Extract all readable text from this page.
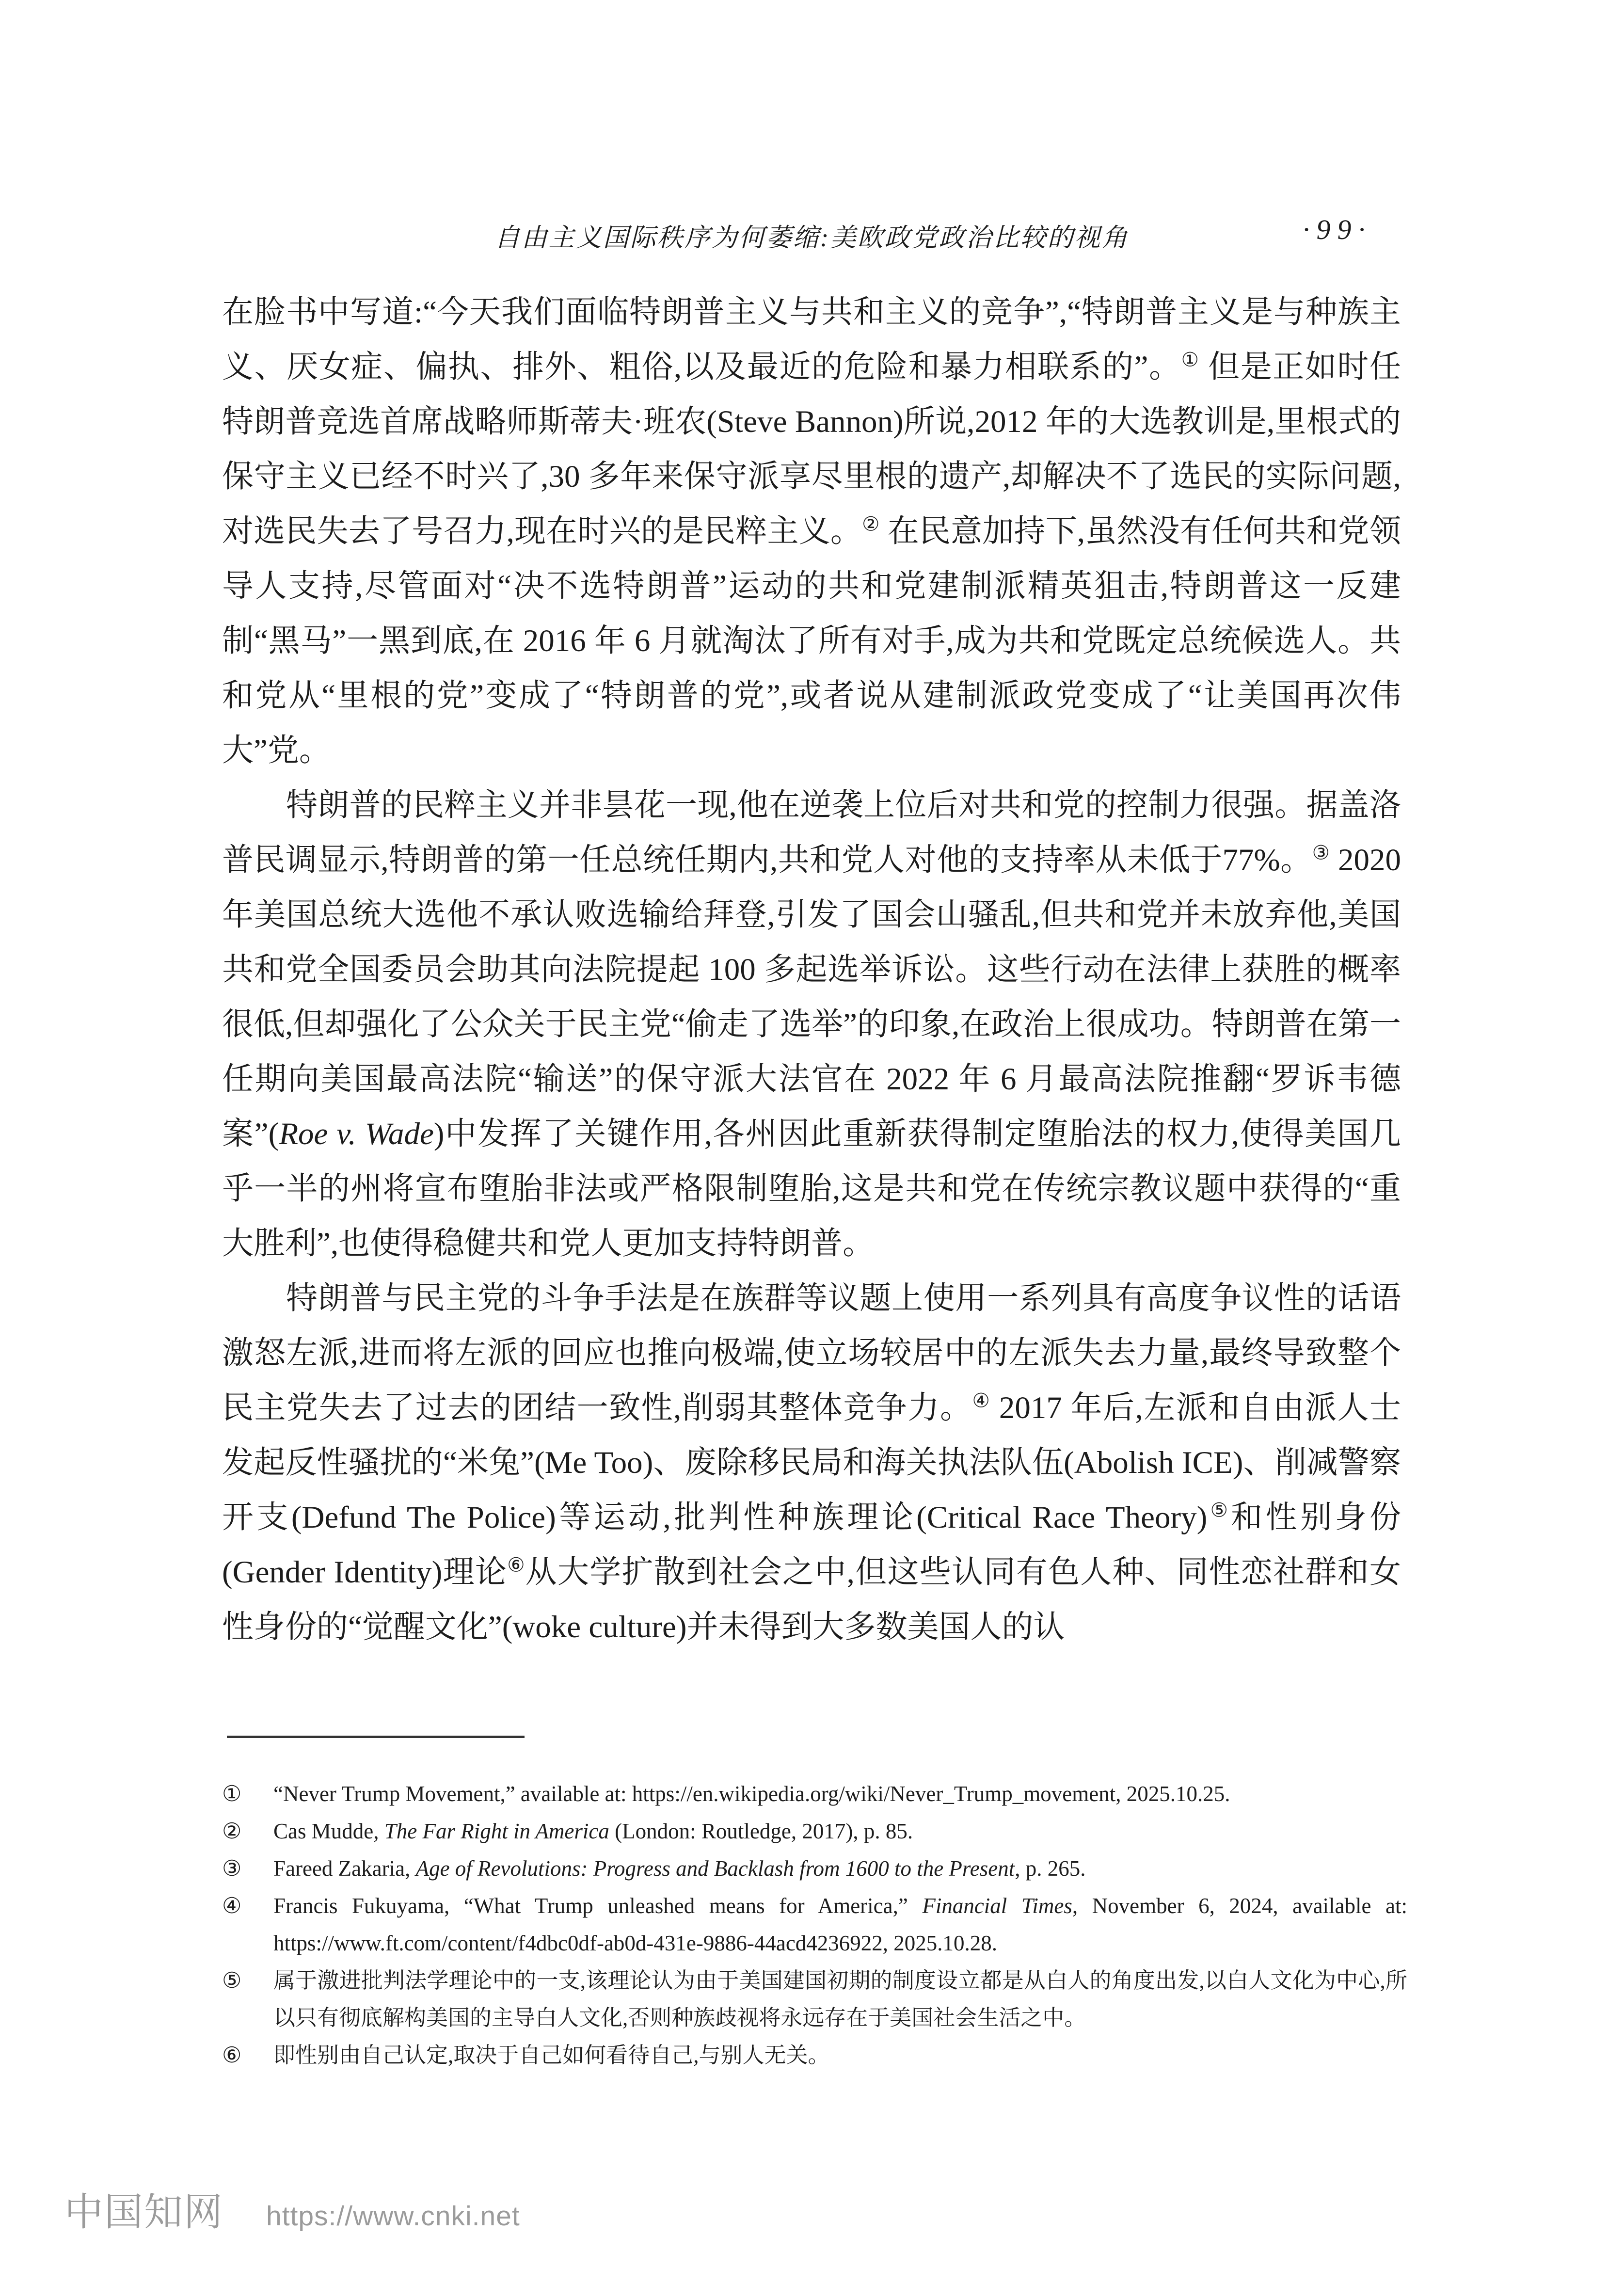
自由主义国际秩序为何萎缩:美欧政党政治比较的视角	·99·

在脸书中写道:“今天我们面临特朗普主义与共和主义的竞争”,“特朗普主义是与种族主义、厌女症、偏执、排外、粗俗,以及最近的危险和暴力相联系的”。① 但是正如时任特朗普竞选首席战略师斯蒂夫·班农(Steve Bannon)所说,2012 年的大选教训是,里根式的保守主义已经不时兴了,30 多年来保守派享尽里根的遗产,却解决不了选民的实际问题,对选民失去了号召力,现在时兴的是民粹主义。② 在民意加持下,虽然没有任何共和党领导人支持,尽管面对“决不选特朗普”运动的共和党建制派精英狙击,特朗普这一反建制“黑马”一黑到底,在 2016 年 6 月就淘汰了所有对手,成为共和党既定总统候选人。共和党从“里根的党”变成了“特朗普的党”,或者说从建制派政党变成了“让美国再次伟大”党。

特朗普的民粹主义并非昙花一现,他在逆袭上位后对共和党的控制力很强。据盖洛普民调显示,特朗普的第一任总统任期内,共和党人对他的支持率从未低于77%。③ 2020 年美国总统大选他不承认败选输给拜登,引发了国会山骚乱,但共和党并未放弃他,美国共和党全国委员会助其向法院提起 100 多起选举诉讼。这些行动在法律上获胜的概率很低,但却强化了公众关于民主党“偷走了选举”的印象,在政治上很成功。特朗普在第一任期向美国最高法院“输送”的保守派大法官在 2022 年 6 月最高法院推翻“罗诉韦德案”(Roe v. Wade)中发挥了关键作用,各州因此重新获得制定堕胎法的权力,使得美国几乎一半的州将宣布堕胎非法或严格限制堕胎,这是共和党在传统宗教议题中获得的“重大胜利”,也使得稳健共和党人更加支持特朗普。

特朗普与民主党的斗争手法是在族群等议题上使用一系列具有高度争议性的话语激怒左派,进而将左派的回应也推向极端,使立场较居中的左派失去力量,最终导致整个民主党失去了过去的团结一致性,削弱其整体竞争力。④ 2017 年后,左派和自由派人士发起反性骚扰的“米兔”(Me Too)、废除移民局和海关执法队伍(Abolish ICE)、削减警察开支(Defund The Police)等运动,批判性种族理论(Critical Race Theory)⑤和性别身份(Gender Identity)理论⑥从大学扩散到社会之中,但这些认同有色人种、同性恋社群和女性身份的“觉醒文化”(woke culture)并未得到大多数美国人的认

①	“Never Trump Movement,” available at: https://en.wikipedia.org/wiki/Never_Trump_movement, 2025.10.25.
②	Cas Mudde, The Far Right in America (London: Routledge, 2017), p. 85.
③	Fareed Zakaria, Age of Revolutions: Progress and Backlash from 1600 to the Present, p. 265.
④	Francis Fukuyama, “What Trump unleashed means for America,” Financial Times, November 6, 2024, available at: https://www.ft.com/content/f4dbc0df-ab0d-431e-9886-44acd4236922, 2025.10.28.
⑤	属于激进批判法学理论中的一支,该理论认为由于美国建国初期的制度设立都是从白人的角度出发,以白人文化为中心,所以只有彻底解构美国的主导白人文化,否则种族歧视将永远存在于美国社会生活之中。
⑥	即性别由自己认定,取决于自己如何看待自己,与别人无关。
中国知网 https://www.cnki.net
